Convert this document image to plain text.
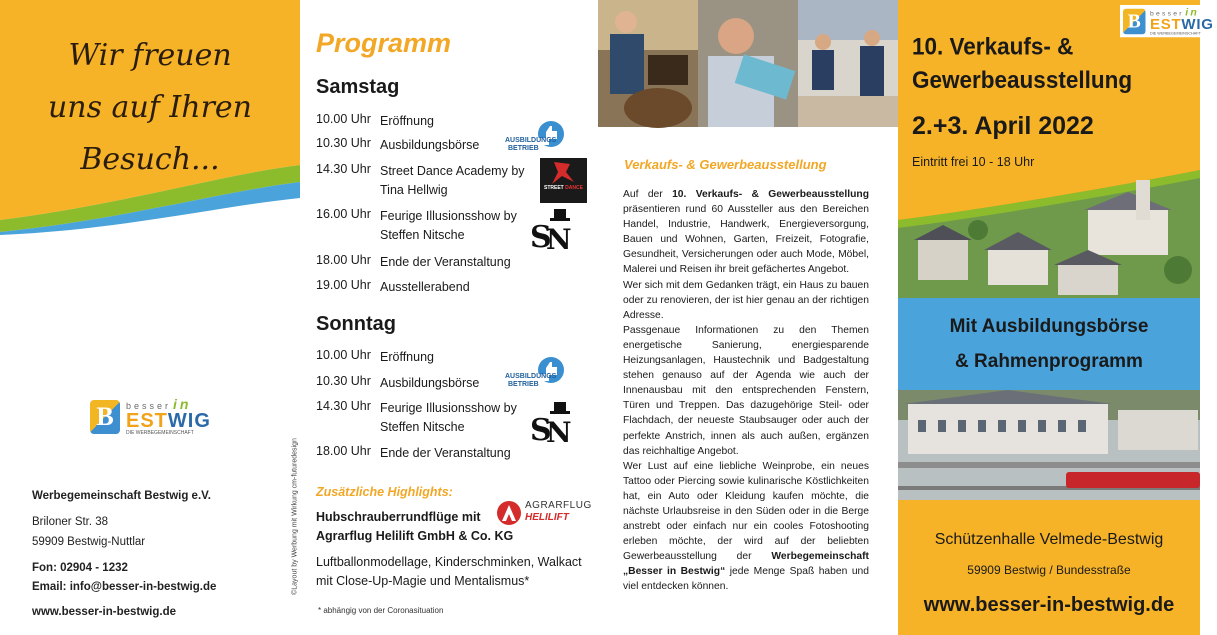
Wir freuen
uns auf Ihren
Besuch...
B	besser in
ESTWIG
DIE WERBEGEMEINSCHAFT
Werbegemeinschaft Bestwig e.V.
Briloner Str. 38
59909 Bestwig-Nuttlar
Fon: 02904 - 1232
Email: info@besser-in-bestwig.de
www.besser-in-bestwig.de
©Layout by Werbung mit Wirkung cm-futuredesign
Programm
Samstag
10.00 Uhr Eröffnung
10.30 Uhr Ausbildungsbörse
14.30 Uhr Street Dance Academy by Tina Hellwig
16.00 Uhr Feurige Illusionsshow by Steffen Nitsche
18.00 Uhr Ende der Veranstaltung
19.00 Uhr Ausstellerabend
Sonntag
10.00 Uhr Eröffnung
10.30 Uhr Ausbildungsbörse
14.30 Uhr Feurige Illusionsshow by Steffen Nitsche
18.00 Uhr Ende der Veranstaltung
AUSBILDUNGS
BETRIEB
AUSBILDUNGS
BETRIEB
STREET DANCE
S
N
S
N
Zusätzliche Highlights:
Hubschrauberrundflüge mit
Agrarflug Helilift GmbH & Co. KG
AGRARFLUG
HELILIFT
Luftballonmodellage, Kinderschminken, Walkact
mit Close-Up-Magie und Mentalismus*
* abhängig von der Coronasituation
Verkaufs- & Gewerbeausstellung

Auf der 10. Verkaufs- & Gewerbeausstellung präsentieren rund 60 Aussteller aus den Bereichen Handel, Industrie, Handwerk, Energieversorgung, Bauen und Wohnen, Garten, Freizeit, Fotografie, Gesundheit, Versicherungen oder auch Mode, Möbel, Malerei und Reisen ihr breit gefächertes Angebot.

Wer sich mit dem Gedanken trägt, ein Haus zu bauen oder zu renovieren, der ist hier genau an der richtigen Adresse.

Passgenaue Informationen zu den Themen energetische Sanierung, energiesparende Heizungsanlagen, Haustechnik und Badgestaltung stehen genauso auf der Agenda wie auch der Innenausbau mit den entsprechenden Fenstern, Türen und Treppen. Das dazugehörige Steil- oder Flachdach, der neueste Staubsauger oder auch der perfekte Anstrich, innen als auch außen, ergänzen das reichhaltige Angebot.

Wer Lust auf eine liebliche Weinprobe, ein neues Tattoo oder Piercing sowie kulinarische Köstlichkeiten hat, ein Auto oder Kleidung kaufen möchte, die nächste Urlaubsreise in den Süden oder in die Berge anstrebt oder einfach nur ein cooles Fotoshooting erleben möchte, der wird auf der beliebten Gewerbeausstellung der Werbegemeinschaft „Besser in Bestwig“ jede Menge Spaß haben und viel entdecken können.

B	besser in
ESTWIG
DIE WERBEGEMEINSCHAFT
10. Verkaufs- &
Gewerbeausstellung
2.+3. April 2022
Eintritt frei 10 - 18 Uhr
Mit Ausbildungsbörse
& Rahmenprogramm
Schützenhalle Velmede-Bestwig
59909 Bestwig / Bundesstraße
www.besser-in-bestwig.de
